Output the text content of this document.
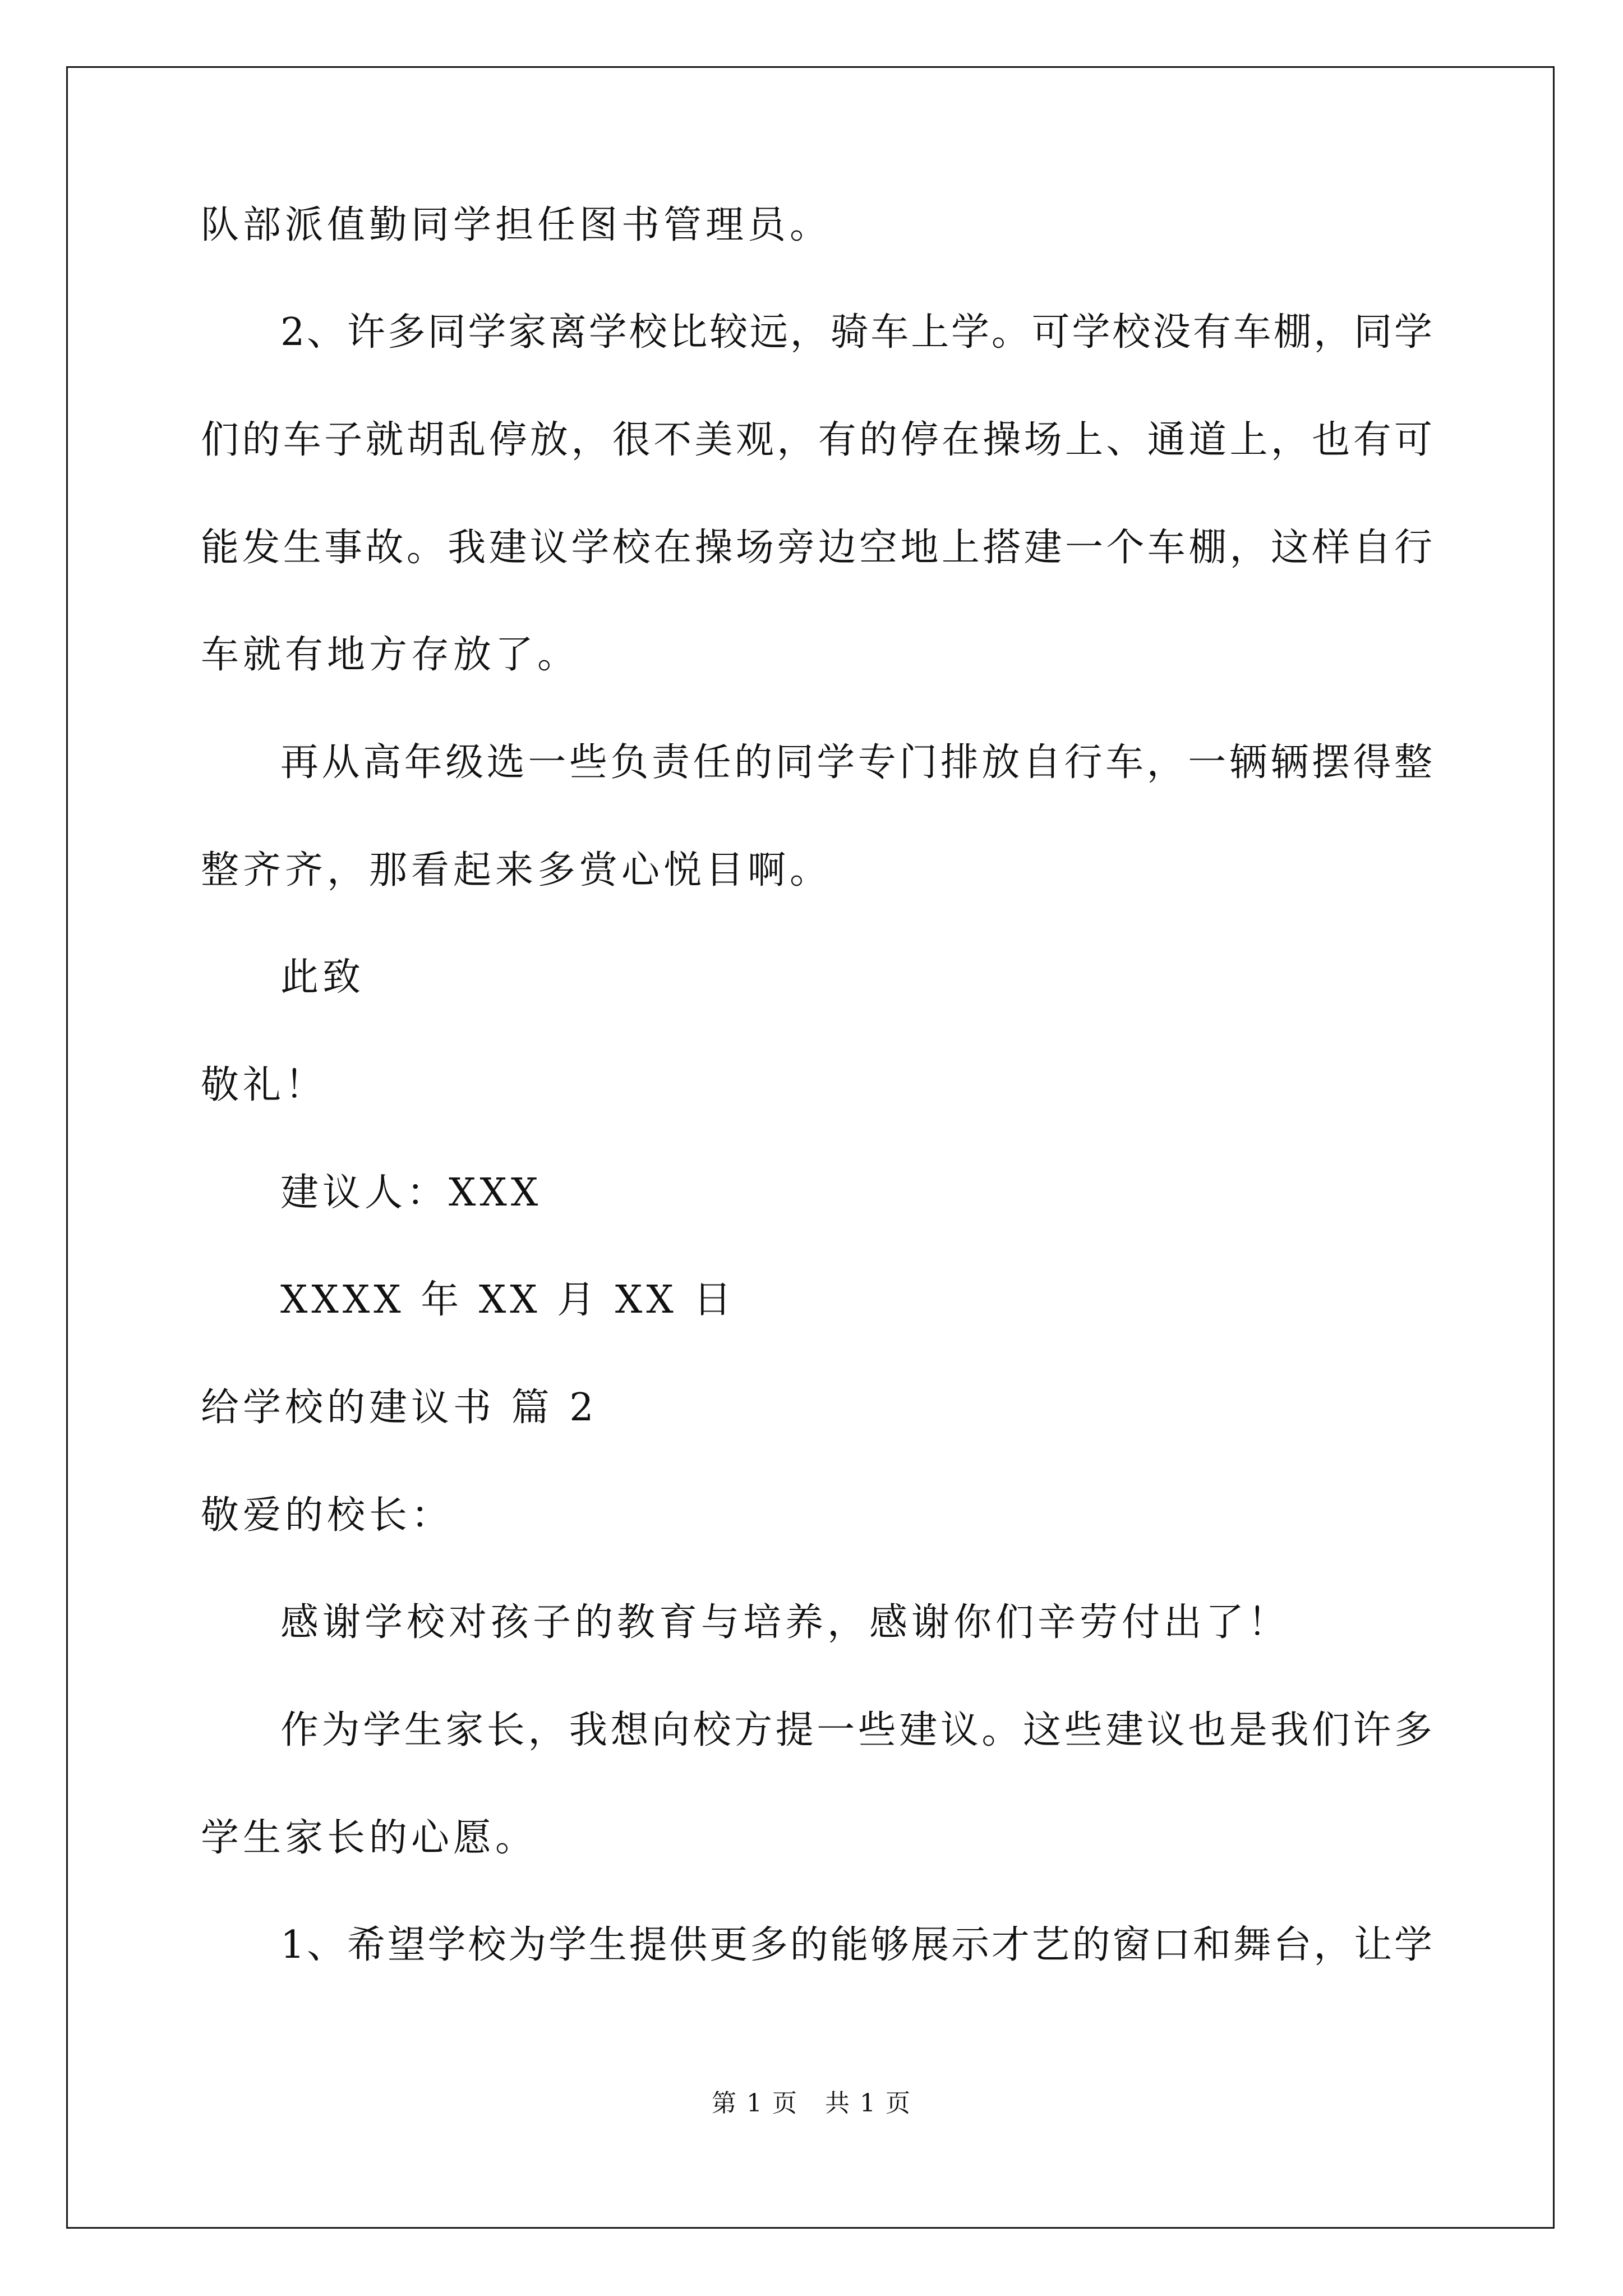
队部派值勤同学担任图书管理员。
2、许多同学家离学校比较远，骑车上学。可学校没有车棚，同学
们的车子就胡乱停放，很不美观，有的停在操场上、通道上，也有可
能发生事故。我建议学校在操场旁边空地上搭建一个车棚，这样自行
车就有地方存放了。
再从高年级选一些负责任的同学专门排放自行车，一辆辆摆得整
整齐齐，那看起来多赏心悦目啊。
此致
敬礼！
建议人：XXX
XXXX 年 XX 月 XX 日
给学校的建议书 篇 2
敬爱的校长：
感谢学校对孩子的教育与培养，感谢你们辛劳付出了！
作为学生家长，我想向校方提一些建议。这些建议也是我们许多
学生家长的心愿。
1、希望学校为学生提供更多的能够展示才艺的窗口和舞台，让学
第 1 页 共 1 页
